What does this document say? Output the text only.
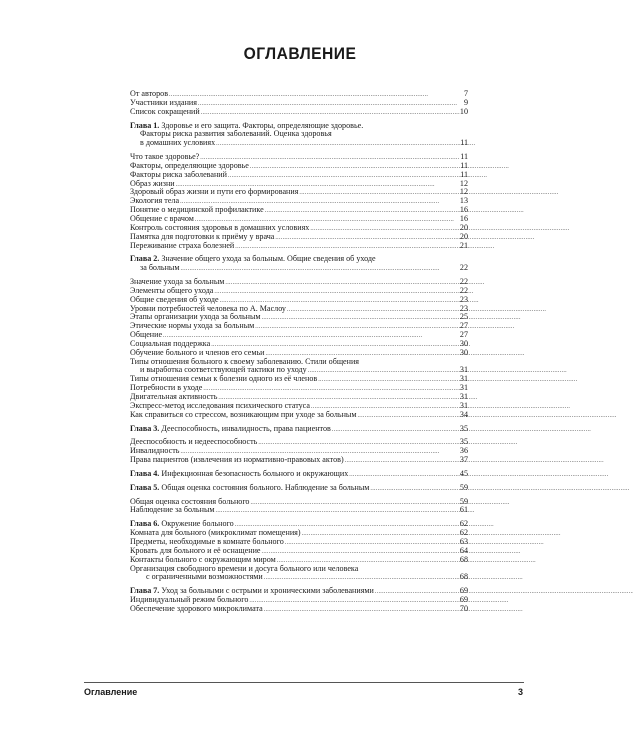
ОГЛАВЛЕНИЕ
От авторов . . .	7
Участники издания . . .	9
Список сокращений . . .	10
Глава 1. Здоровье и его защита. Факторы, определяющие здоровье.
Факторы риска развития заболеваний. Оценка здоровья
в домашних условиях . . .	11
Что такое здоровье? . . .	11
Факторы, определяющие здоровье . . .	11
Факторы риска заболеваний . . .	11
Образ жизни . . .	12
Здоровый образ жизни и пути его формирования . . .	12
Экология тела . . .	13
Понятие о медицинской профилактике . . .	16
Общение с врачом . . .	16
Контроль состояния здоровья в домашних условиях . . .	20
Памятка для подготовки к приёму у врача . . .	20
Переживание страха болезней . . .	21
Глава 2. Значение общего ухода за больным. Общие сведения об уходе
за больным . . .	22
Значение ухода за больным . . .	22
Элементы общего ухода . . .	22
Общие сведения об уходе . . .	23
Уровни потребностей человека по А. Маслоу . . .	23
Этапы организации ухода за больным . . .	25
Этические нормы ухода за больным . . .	27
Общение . . .	27
Социальная поддержка . . .	30
Обучение больного и членов его семьи . . .	30
Типы отношения больного к своему заболеванию. Стили общения
и выработка соответствующей тактики по уходу . . .	31
Типы отношения семьи к болезни одного из её членов . . .	31
Потребности в уходе . . .	31
Двигательная активность . . .	31
Экспресс-метод исследования психического статуса . . .	31
Как справиться со стрессом, возникающим при уходе за больным . . .	34
Глава 3. Дееспособность, инвалидность, права пациентов . . .	35
Дееспособность и недееспособность . . .	35
Инвалидность . . .	36
Права пациентов (извлечения из нормативно-правовых актов) . . .	37
Глава 4. Инфекционная безопасность больного и окружающих . . .	45
Глава 5. Общая оценка состояния больного. Наблюдение за больным . . .	59
Общая оценка состояния больного . . .	59
Наблюдение за больным . . .	61
Глава 6. Окружение больного . . .	62
Комната для больного (микроклимат помещения) . . .	62
Предметы, необходимые в комнате больного . . .	63
Кровать для больного и её оснащение . . .	64
Контакты больного с окружающим миром . . .	68
Организация свободного времени и досуга больного или человека
с ограниченными возможностями . . .	68
Глава 7. Уход за больными с острыми и хроническими заболеваниями . . .	69
Индивидуальный режим больного . . .	69
Обеспечение здорового микроклимата . . .	70
Оглавление	3
